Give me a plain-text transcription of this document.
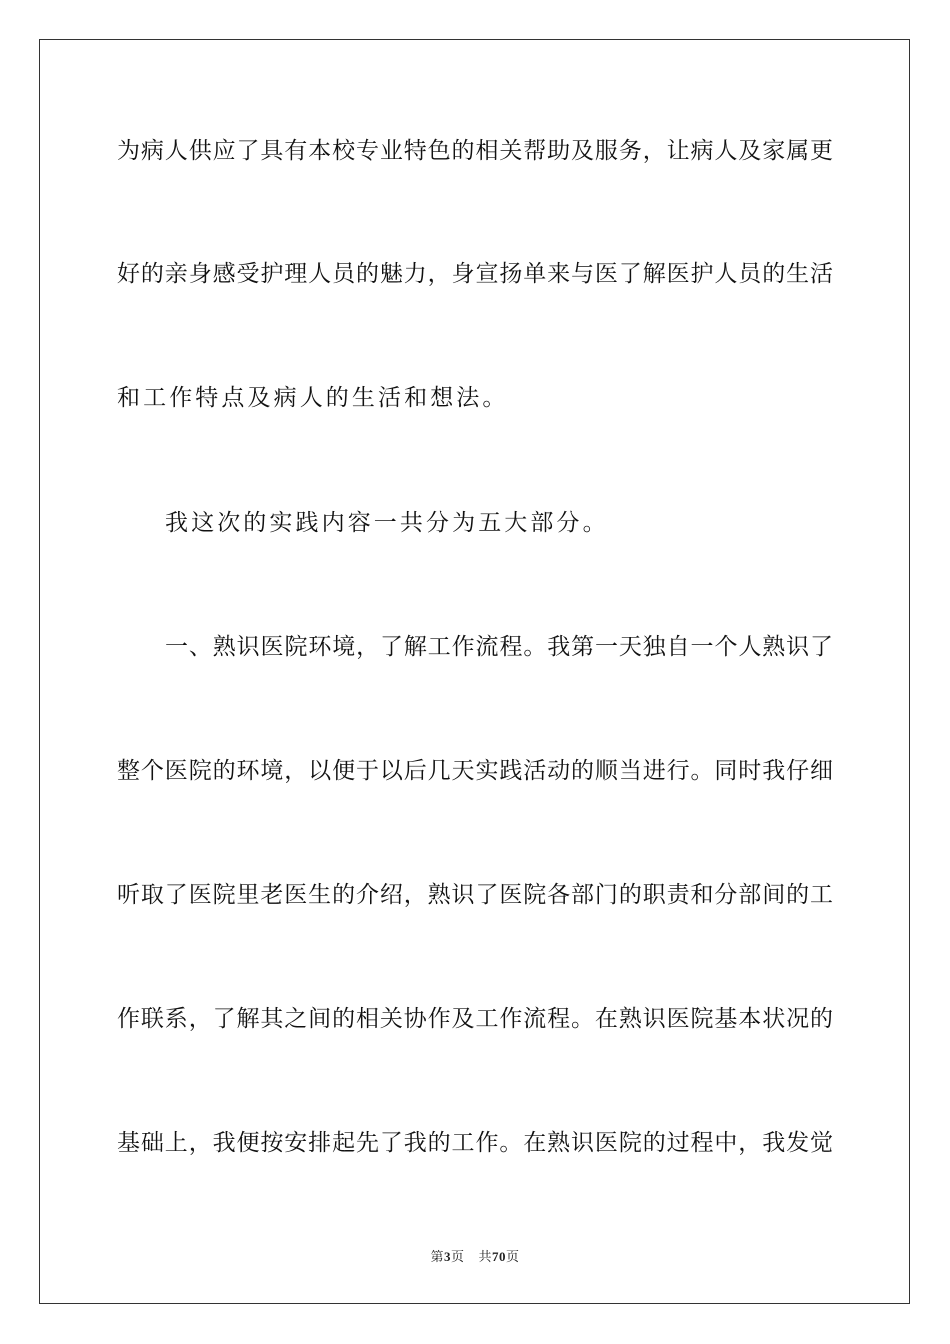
为病人供应了具有本校专业特色的相关帮助及服务，让病人及家属更
好的亲身感受护理人员的魅力，身宣扬单来与医了解医护人员的生活
和工作特点及病人的生活和想法。
我这次的实践内容一共分为五大部分。
一、熟识医院环境，了解工作流程。我第一天独自一个人熟识了
整个医院的环境，以便于以后几天实践活动的顺当进行。同时我仔细
听取了医院里老医生的介绍，熟识了医院各部门的职责和分部间的工
作联系，了解其之间的相关协作及工作流程。在熟识医院基本状况的
基础上，我便按安排起先了我的工作。在熟识医院的过程中，我发觉
第3页 共70页
